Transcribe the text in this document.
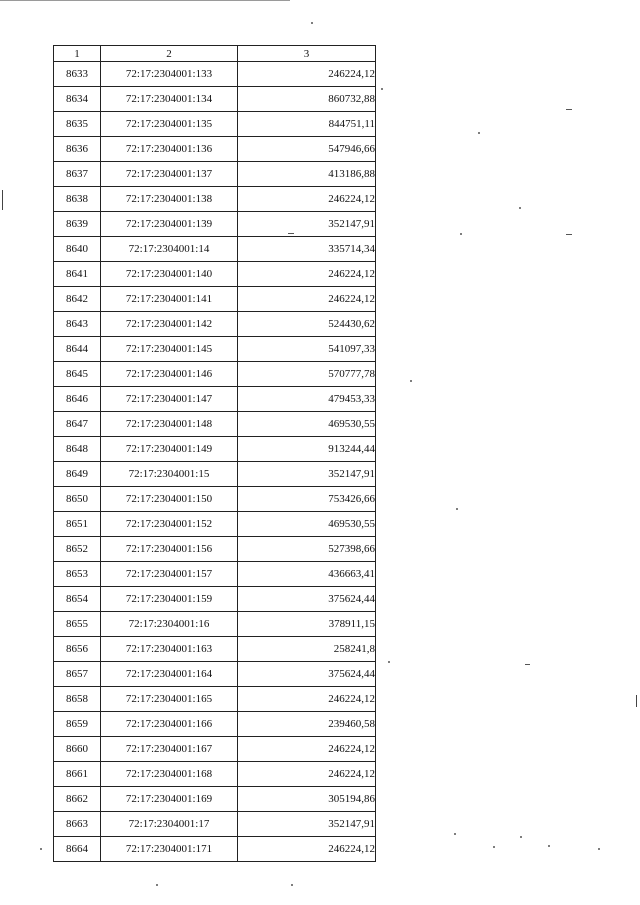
1	2	3
8633	72:17:2304001:133	246224,12
8634	72:17:2304001:134	860732,88
8635	72:17:2304001:135	844751,11
8636	72:17:2304001:136	547946,66
8637	72:17:2304001:137	413186,88
8638	72:17:2304001:138	246224,12
8639	72:17:2304001:139	352147,91
8640	72:17:2304001:14	335714,34
8641	72:17:2304001:140	246224,12
8642	72:17:2304001:141	246224,12
8643	72:17:2304001:142	524430,62
8644	72:17:2304001:145	541097,33
8645	72:17:2304001:146	570777,78
8646	72:17:2304001:147	479453,33
8647	72:17:2304001:148	469530,55
8648	72:17:2304001:149	913244,44
8649	72:17:2304001:15	352147,91
8650	72:17:2304001:150	753426,66
8651	72:17:2304001:152	469530,55
8652	72:17:2304001:156	527398,66
8653	72:17:2304001:157	436663,41
8654	72:17:2304001:159	375624,44
8655	72:17:2304001:16	378911,15
8656	72:17:2304001:163	258241,8
8657	72:17:2304001:164	375624,44
8658	72:17:2304001:165	246224,12
8659	72:17:2304001:166	239460,58
8660	72:17:2304001:167	246224,12
8661	72:17:2304001:168	246224,12
8662	72:17:2304001:169	305194,86
8663	72:17:2304001:17	352147,91
8664	72:17:2304001:171	246224,12
